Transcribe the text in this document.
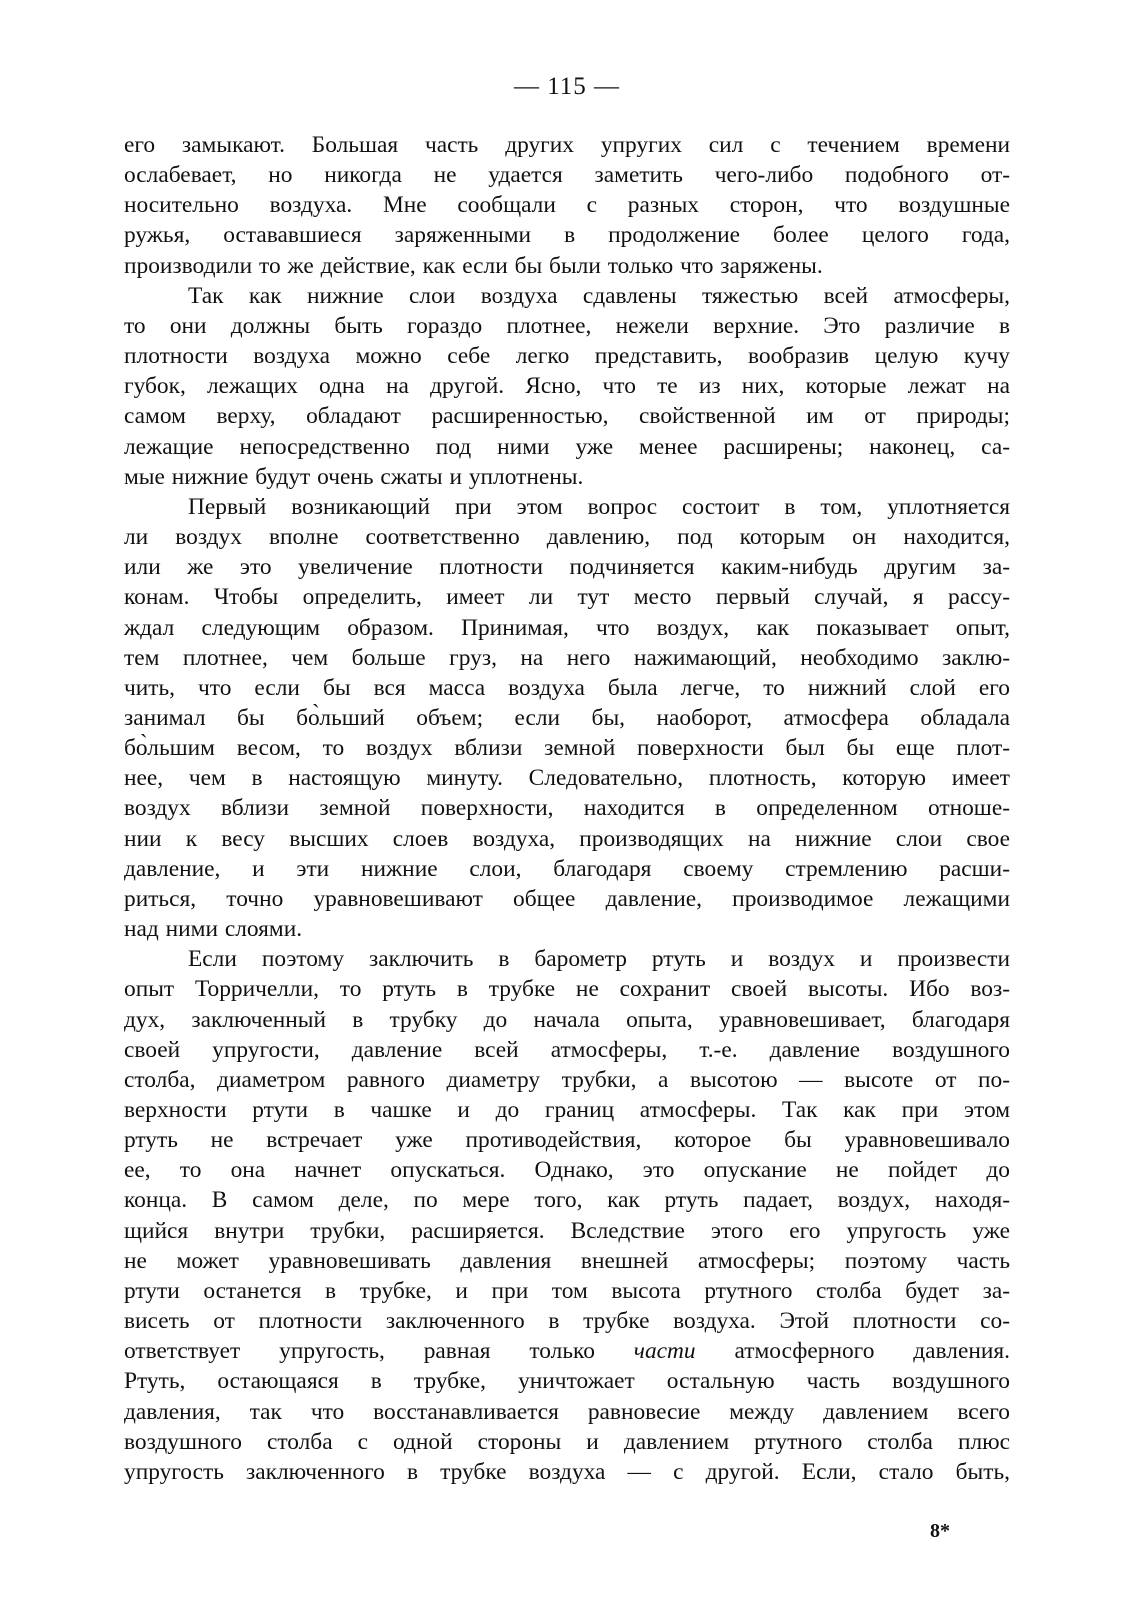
— 115 —
его замыкают. Большая часть других упругих сил с течением времени
ослабевает, но никогда не удается заметить чего-либо подобного от-
носительно воздуха. Мне сообщали с разных сторон, что воздушные
ружья, остававшиеся заряженными в продолжение более целого года,
производили то же действие, как если бы были только что заряжены.
Так как нижние слои воздуха сдавлены тяжестью всей атмосферы,
то они должны быть гораздо плотнее, нежели верхние. Это различие в
плотности воздуха можно себе легко представить, вообразив целую кучу
губок, лежащих одна на другой. Ясно, что те из них, которые лежат на
самом верху, обладают расширенностью, свойственной им от природы;
лежащие непосредственно под ними уже менее расширены; наконец, са-
мые нижние будут очень сжаты и уплотнены.
Первый возникающий при этом вопрос состоит в том, уплотняется
ли воздух вполне соответственно давлению, под которым он находится,
или же это увеличение плотности подчиняется каким-нибудь другим за-
конам. Чтобы определить, имеет ли тут место первый случай, я рассу-
ждал следующим образом. Принимая, что воздух, как показывает опыт,
тем плотнее, чем больше груз, на него нажимающий, необходимо заклю-
чить, что если бы вся масса воздуха была легче, то нижний слой его
занимал бы бо̀льший объем; если бы, наоборот, атмосфера обладала
бо̀льшим весом, то воздух вблизи земной поверхности был бы еще плот-
нее, чем в настоящую минуту. Следовательно, плотность, которую имеет
воздух вблизи земной поверхности, находится в определенном отноше-
нии к весу высших слоев воздуха, производящих на нижние слои свое
давление, и эти нижние слои, благодаря своему стремлению расши-
риться, точно уравновешивают общее давление, производимое лежащими
над ними слоями.
Если поэтому заключить в барометр ртуть и воздух и произвести
опыт Торричелли, то ртуть в трубке не сохранит своей высоты. Ибо воз-
дух, заключенный в трубку до начала опыта, уравновешивает, благодаря
своей упругости, давление всей атмосферы, т.-е. давление воздушного
столба, диаметром равного диаметру трубки, а высотою — высоте от по-
верхности ртути в чашке и до границ атмосферы. Так как при этом
ртуть не встречает уже противодействия, которое бы уравновешивало
ее, то она начнет опускаться. Однако, это опускание не пойдет до
конца. В самом деле, по мере того, как ртуть падает, воздух, находя-
щийся внутри трубки, расширяется. Вследствие этого его упругость уже
не может уравновешивать давления внешней атмосферы; поэтому часть
ртути останется в трубке, и при том высота ртутного столба будет за-
висеть от плотности заключенного в трубке воздуха. Этой плотности со-
ответствует упругость, равная только части атмосферного давления.
Ртуть, остающаяся в трубке, уничтожает остальную часть воздушного
давления, так что восстанавливается равновесие между давлением всего
воздушного столба с одной стороны и давлением ртутного столба плюс
упругость заключенного в трубке воздуха — с другой. Если, стало быть,
8*
